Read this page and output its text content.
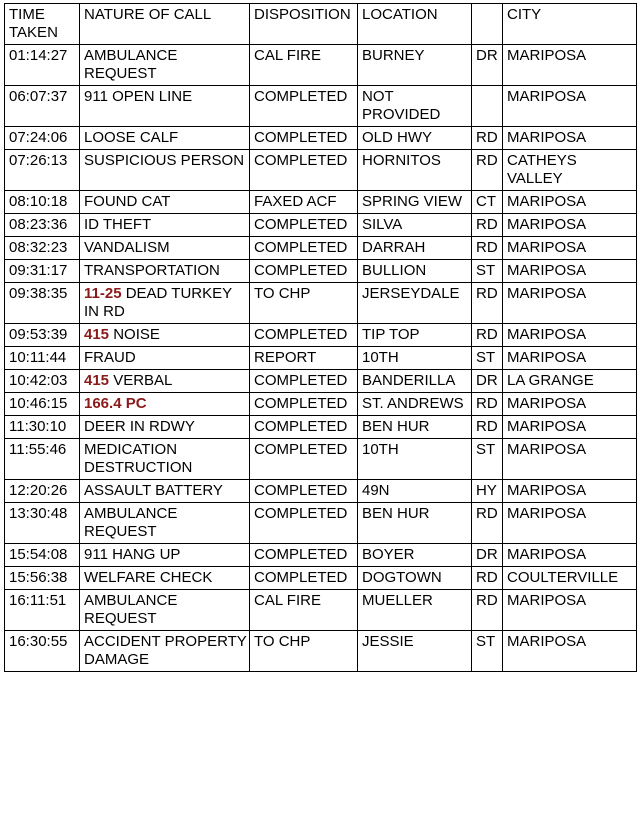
TIME TAKEN	NATURE OF CALL	DISPOSITION	LOCATION		CITY
01:14:27	AMBULANCE REQUEST	CAL FIRE	BURNEY	DR	MARIPOSA
06:07:37	911 OPEN LINE	COMPLETED	NOT PROVIDED		MARIPOSA
07:24:06	LOOSE CALF	COMPLETED	OLD HWY	RD	MARIPOSA
07:26:13	SUSPICIOUS PERSON	COMPLETED	HORNITOS	RD	CATHEYS VALLEY
08:10:18	FOUND CAT	FAXED ACF	SPRING VIEW	CT	MARIPOSA
08:23:36	ID THEFT	COMPLETED	SILVA	RD	MARIPOSA
08:32:23	VANDALISM	COMPLETED	DARRAH	RD	MARIPOSA
09:31:17	TRANSPORTATION	COMPLETED	BULLION	ST	MARIPOSA
09:38:35	11-25 DEAD TURKEY IN RD	TO CHP	JERSEYDALE	RD	MARIPOSA
09:53:39	415 NOISE	COMPLETED	TIP TOP	RD	MARIPOSA
10:11:44	FRAUD	REPORT	10TH	ST	MARIPOSA
10:42:03	415 VERBAL	COMPLETED	BANDERILLA	DR	LA GRANGE
10:46:15	166.4 PC	COMPLETED	ST. ANDREWS	RD	MARIPOSA
11:30:10	DEER IN RDWY	COMPLETED	BEN HUR	RD	MARIPOSA
11:55:46	MEDICATION DESTRUCTION	COMPLETED	10TH	ST	MARIPOSA
12:20:26	ASSAULT BATTERY	COMPLETED	49N	HY	MARIPOSA
13:30:48	AMBULANCE REQUEST	COMPLETED	BEN HUR	RD	MARIPOSA
15:54:08	911 HANG UP	COMPLETED	BOYER	DR	MARIPOSA
15:56:38	WELFARE CHECK	COMPLETED	DOGTOWN	RD	COULTERVILLE
16:11:51	AMBULANCE REQUEST	CAL FIRE	MUELLER	RD	MARIPOSA
16:30:55	ACCIDENT PROPERTY DAMAGE	TO CHP	JESSIE	ST	MARIPOSA
